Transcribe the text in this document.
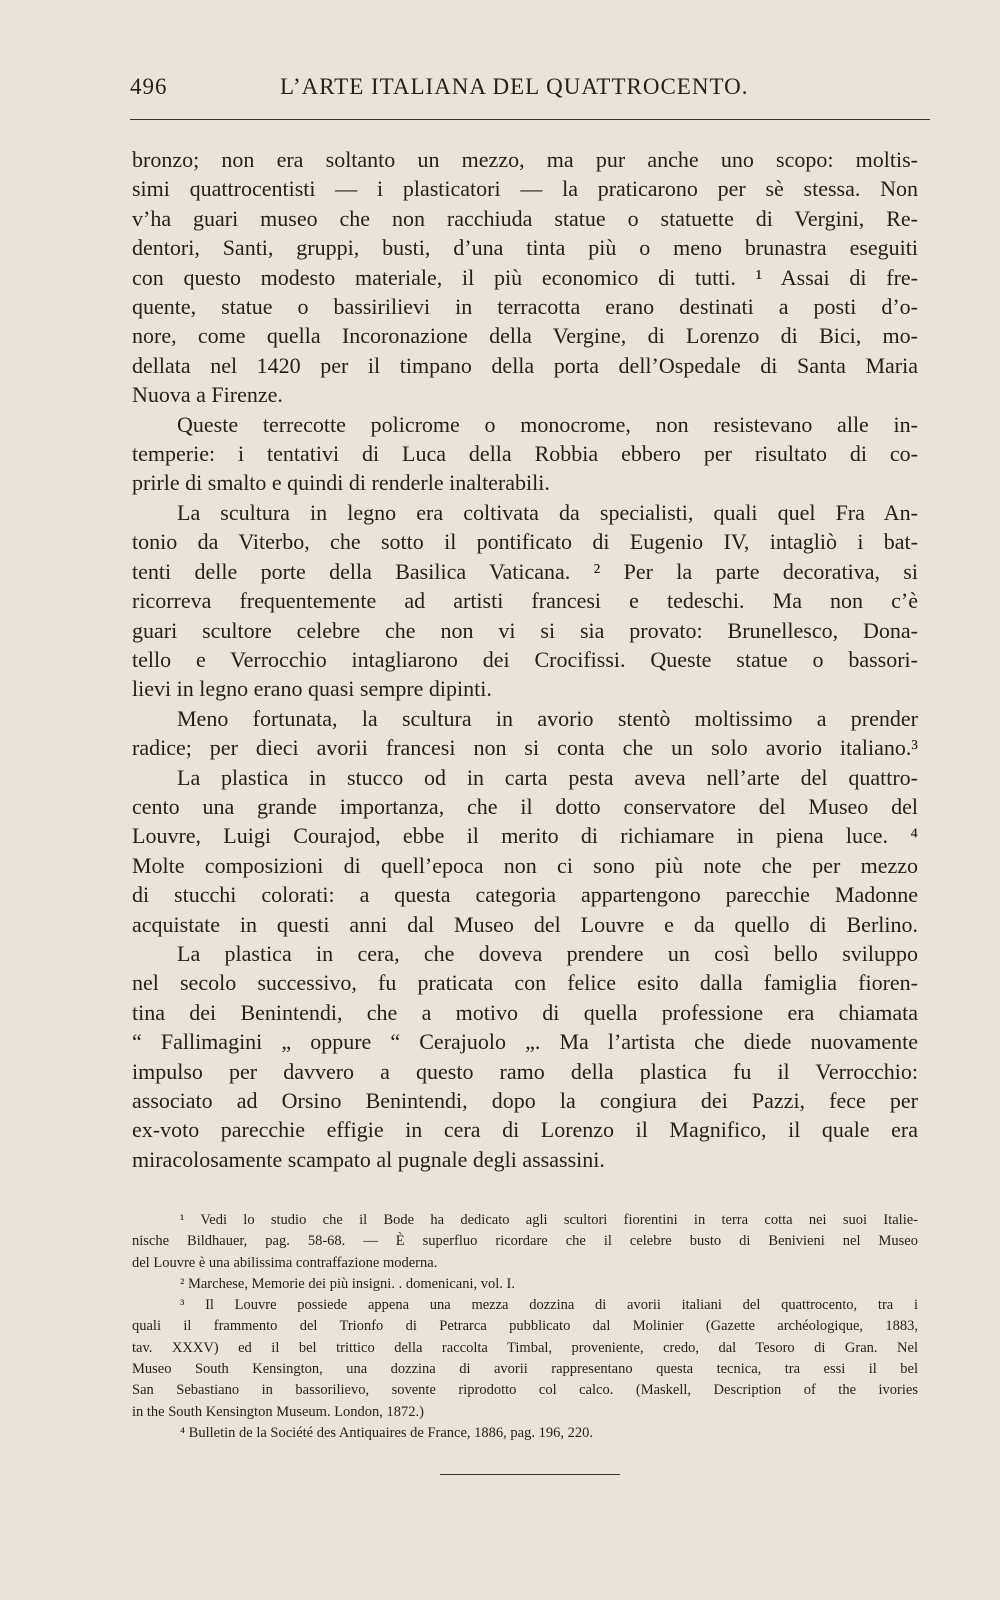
496	L’ARTE ITALIANA DEL QUATTROCENTO.
bronzo; non era soltanto un mezzo, ma pur anche uno scopo: moltis-
simi quattrocentisti — i plasticatori — la praticarono per sè stessa. Non
v’ha guari museo che non racchiuda statue o statuette di Vergini, Re-
dentori, Santi, gruppi, busti, d’una tinta più o meno brunastra eseguiti
con questo modesto materiale, il più economico di tutti. ¹ Assai di fre-
quente, statue o bassirilievi in terracotta erano destinati a posti d’o-
nore, come quella Incoronazione della Vergine, di Lorenzo di Bici, mo-
dellata nel 1420 per il timpano della porta dell’Ospedale di Santa Maria
Nuova a Firenze.
Queste terrecotte policrome o monocrome, non resistevano alle in-
temperie: i tentativi di Luca della Robbia ebbero per risultato di co-
prirle di smalto e quindi di renderle inalterabili.
La scultura in legno era coltivata da specialisti, quali quel Fra An-
tonio da Viterbo, che sotto il pontificato di Eugenio IV, intagliò i bat-
tenti delle porte della Basilica Vaticana. ² Per la parte decorativa, si
ricorreva frequentemente ad artisti francesi e tedeschi. Ma non c’è
guari scultore celebre che non vi si sia provato: Brunellesco, Dona-
tello e Verrocchio intagliarono dei Crocifissi. Queste statue o bassori-
lievi in legno erano quasi sempre dipinti.
Meno fortunata, la scultura in avorio stentò moltissimo a prender
radice; per dieci avorii francesi non si conta che un solo avorio italiano.³
La plastica in stucco od in carta pesta aveva nell’arte del quattro-
cento una grande importanza, che il dotto conservatore del Museo del
Louvre, Luigi Courajod, ebbe il merito di richiamare in piena luce. ⁴
Molte composizioni di quell’epoca non ci sono più note che per mezzo
di stucchi colorati: a questa categoria appartengono parecchie Madonne
acquistate in questi anni dal Museo del Louvre e da quello di Berlino.
La plastica in cera, che doveva prendere un così bello sviluppo
nel secolo successivo, fu praticata con felice esito dalla famiglia fioren-
tina dei Benintendi, che a motivo di quella professione era chiamata
“ Fallimagini „ oppure “ Cerajuolo „. Ma l’artista che diede nuovamente
impulso per davvero a questo ramo della plastica fu il Verrocchio:
associato ad Orsino Benintendi, dopo la congiura dei Pazzi, fece per
ex-voto parecchie effigie in cera di Lorenzo il Magnifico, il quale era
miracolosamente scampato al pugnale degli assassini.
¹ Vedi lo studio che il Bode ha dedicato agli scultori fiorentini in terra cotta nei suoi Italie-
nische Bildhauer, pag. 58-68. — È superfluo ricordare che il celebre busto di Benivieni nel Museo
del Louvre è una abilissima contraffazione moderna.
² Marchese, Memorie dei più insigni. . domenicani, vol. I.
³ Il Louvre possiede appena una mezza dozzina di avorii italiani del quattrocento, tra i
quali il frammento del Trionfo di Petrarca pubblicato dal Molinier (Gazette archéologique, 1883,
tav. XXXV) ed il bel trittico della raccolta Timbal, proveniente, credo, dal Tesoro di Gran. Nel
Museo South Kensington, una dozzina di avorii rappresentano questa tecnica, tra essi il bel
San Sebastiano in bassorilievo, sovente riprodotto col calco. (Maskell, Description of the ivories
in the South Kensington Museum. London, 1872.)
⁴ Bulletin de la Société des Antiquaires de France, 1886, pag. 196, 220.
